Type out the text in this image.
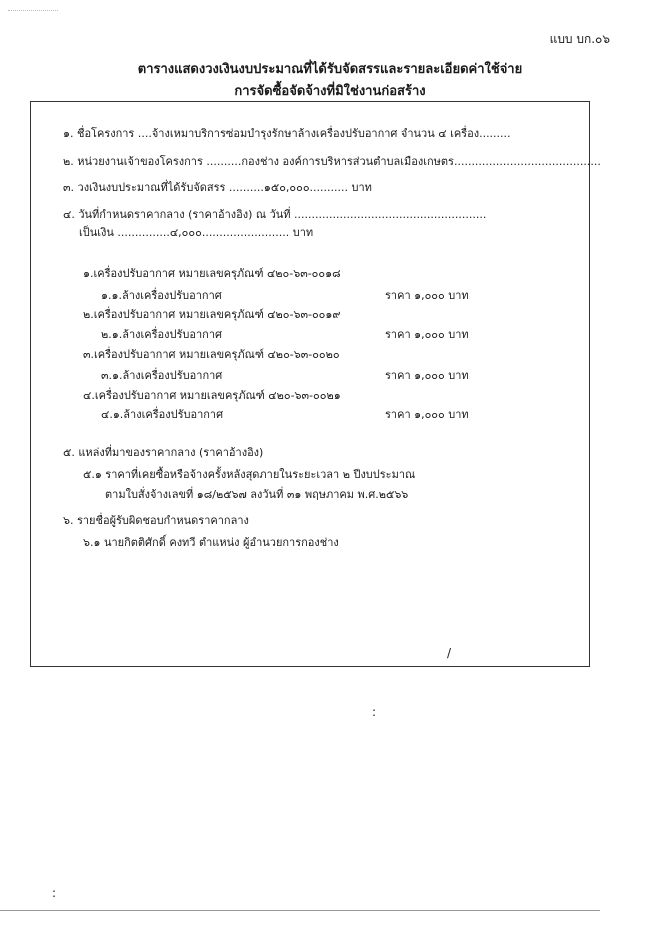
แบบ บก.๐๖
ตารางแสดงวงเงินงบประมาณที่ได้รับจัดสรรและรายละเอียดค่าใช้จ่าย
การจัดซื้อจัดจ้างที่มิใช่งานก่อสร้าง
๑. ชื่อโครงการ ....จ้างเหมาบริการซ่อมบำรุงรักษาล้างเครื่องปรับอากาศ จำนวน ๔ เครื่อง.........
๒. หน่วยงานเจ้าของโครงการ ..........กองช่าง องค์การบริหารส่วนตำบลเมืองเกษตร..........................................
๓. วงเงินงบประมาณที่ได้รับจัดสรร ..........๑๕๐,๐๐๐........... บาท
๔. วันที่กำหนดราคากลาง (ราคาอ้างอิง) ณ วันที่ .......................................................
เป็นเงิน ...............๔,๐๐๐......................... บาท
๑.เครื่องปรับอากาศ หมายเลขครุภัณฑ์ ๔๒๐-๖๓-๐๐๑๘
๑.๑.ล้างเครื่องปรับอากาศ	ราคา ๑,๐๐๐ บาท
๒.เครื่องปรับอากาศ หมายเลขครุภัณฑ์ ๔๒๐-๖๓-๐๐๑๙
๒.๑.ล้างเครื่องปรับอากาศ	ราคา ๑,๐๐๐ บาท
๓.เครื่องปรับอากาศ หมายเลขครุภัณฑ์ ๔๒๐-๖๓-๐๐๒๐
๓.๑.ล้างเครื่องปรับอากาศ	ราคา ๑,๐๐๐ บาท
๔.เครื่องปรับอากาศ หมายเลขครุภัณฑ์ ๔๒๐-๖๓-๐๐๒๑
๔.๑.ล้างเครื่องปรับอากาศ	ราคา ๑,๐๐๐ บาท
๕. แหล่งที่มาของราคากลาง (ราคาอ้างอิง)
๕.๑ ราคาที่เคยซื้อหรือจ้างครั้งหลังสุดภายในระยะเวลา ๒ ปีงบประมาณ
ตามใบสั่งจ้างเลขที่ ๑๘/๒๕๖๗ ลงวันที่ ๓๑ พฤษภาคม พ.ศ.๒๕๖๖
๖. รายชื่อผู้รับผิดชอบกำหนดราคากลาง
๖.๑ นายกิตติศักดิ์ คงทวี ตำแหน่ง ผู้อำนวยการกองช่าง
/
:
:
